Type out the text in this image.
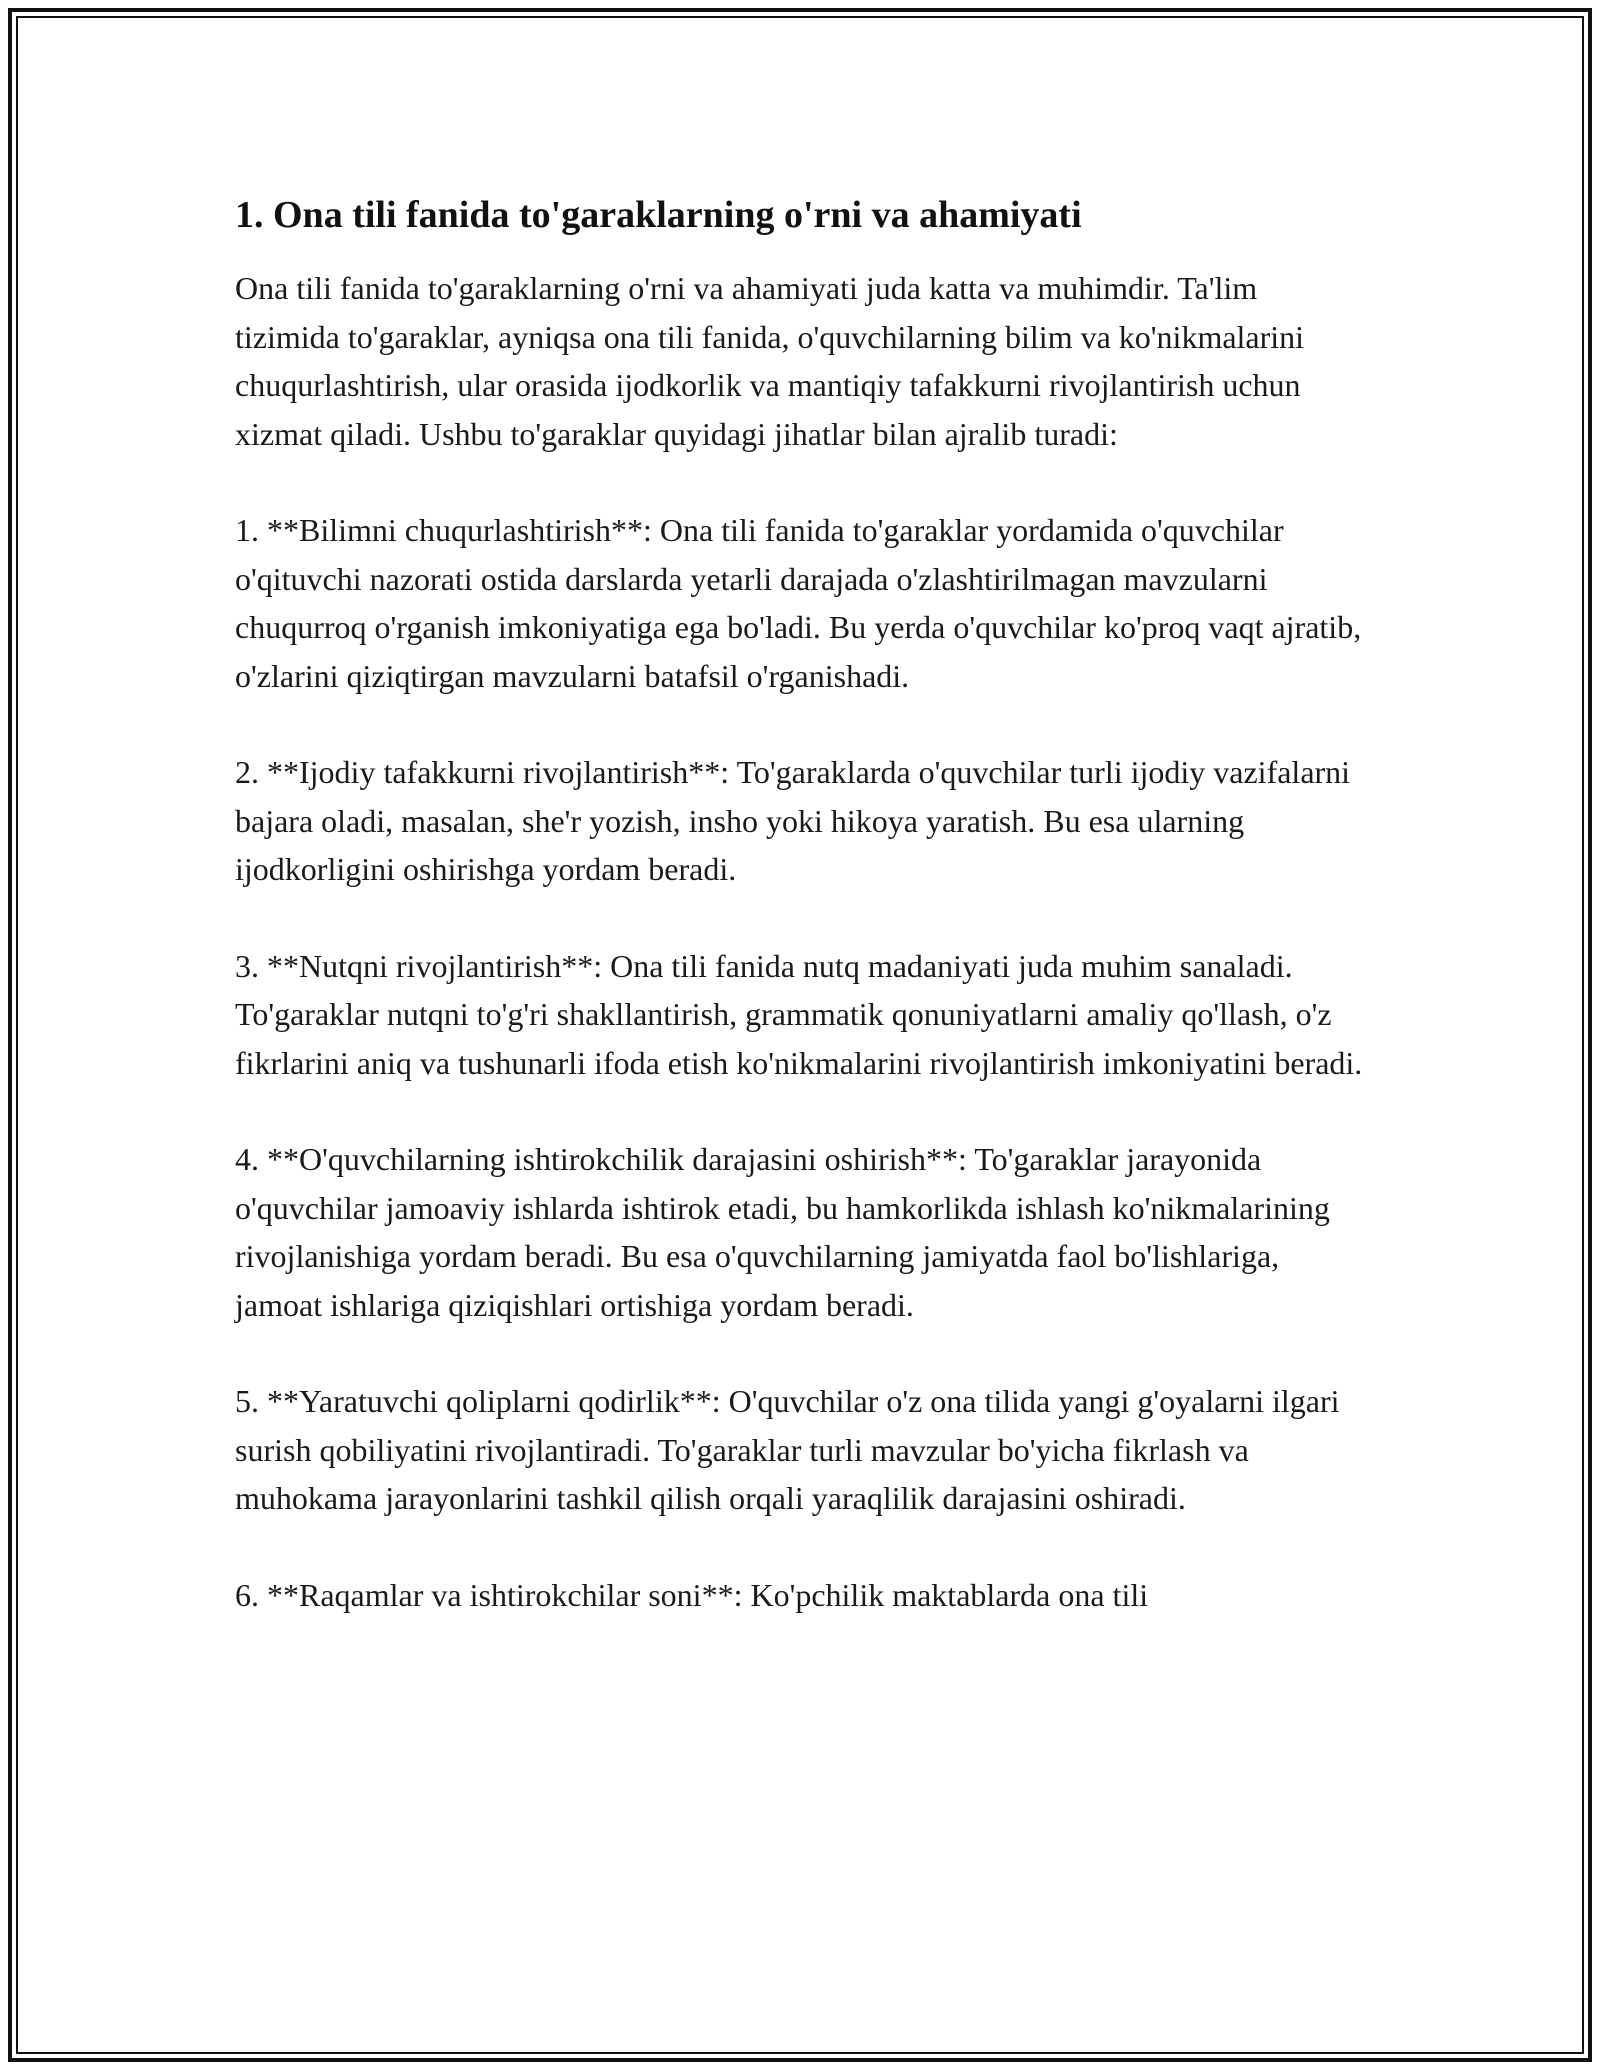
1. Ona tili fanida to'garaklarning o'rni va ahamiyati

Ona tili fanida to'garaklarning o'rni va ahamiyati juda katta va muhimdir. Ta'lim tizimida to'garaklar, ayniqsa ona tili fanida, o'quvchilarning bilim va ko'nikmalarini chuqurlashtirish, ular orasida ijodkorlik va mantiqiy tafakkurni rivojlantirish uchun xizmat qiladi. Ushbu to'garaklar quyidagi jihatlar bilan ajralib turadi:

1. **Bilimni chuqurlashtirish**: Ona tili fanida to'garaklar yordamida o'quvchilar o'qituvchi nazorati ostida darslarda yetarli darajada o'zlashtirilmagan mavzularni chuqurroq o'rganish imkoniyatiga ega bo'ladi. Bu yerda o'quvchilar ko'proq vaqt ajratib, o'zlarini qiziqtirgan mavzularni batafsil o'rganishadi.

2. **Ijodiy tafakkurni rivojlantirish**: To'garaklarda o'quvchilar turli ijodiy vazifalarni bajara oladi, masalan, she'r yozish, insho yoki hikoya yaratish. Bu esa ularning ijodkorligini oshirishga yordam beradi.

3. **Nutqni rivojlantirish**: Ona tili fanida nutq madaniyati juda muhim sanaladi. To'garaklar nutqni to'g'ri shakllantirish, grammatik qonuniyatlarni amaliy qo'llash, o'z fikrlarini aniq va tushunarli ifoda etish ko'nikmalarini rivojlantirish imkoniyatini beradi.

4. **O'quvchilarning ishtirokchilik darajasini oshirish**: To'garaklar jarayonida o'quvchilar jamoaviy ishlarda ishtirok etadi, bu hamkorlikda ishlash ko'nikmalarining rivojlanishiga yordam beradi. Bu esa o'quvchilarning jamiyatda faol bo'lishlariga, jamoat ishlariga qiziqishlari ortishiga yordam beradi.

5. **Yaratuvchi qoliplarni qodirlik**: O'quvchilar o'z ona tilida yangi g'oyalarni ilgari surish qobiliyatini rivojlantiradi. To'garaklar turli mavzular bo'yicha fikrlash va muhokama jarayonlarini tashkil qilish orqali yaraqlilik darajasini oshiradi.

6. **Raqamlar va ishtirokchilar soni**: Ko'pchilik maktablarda ona tili
